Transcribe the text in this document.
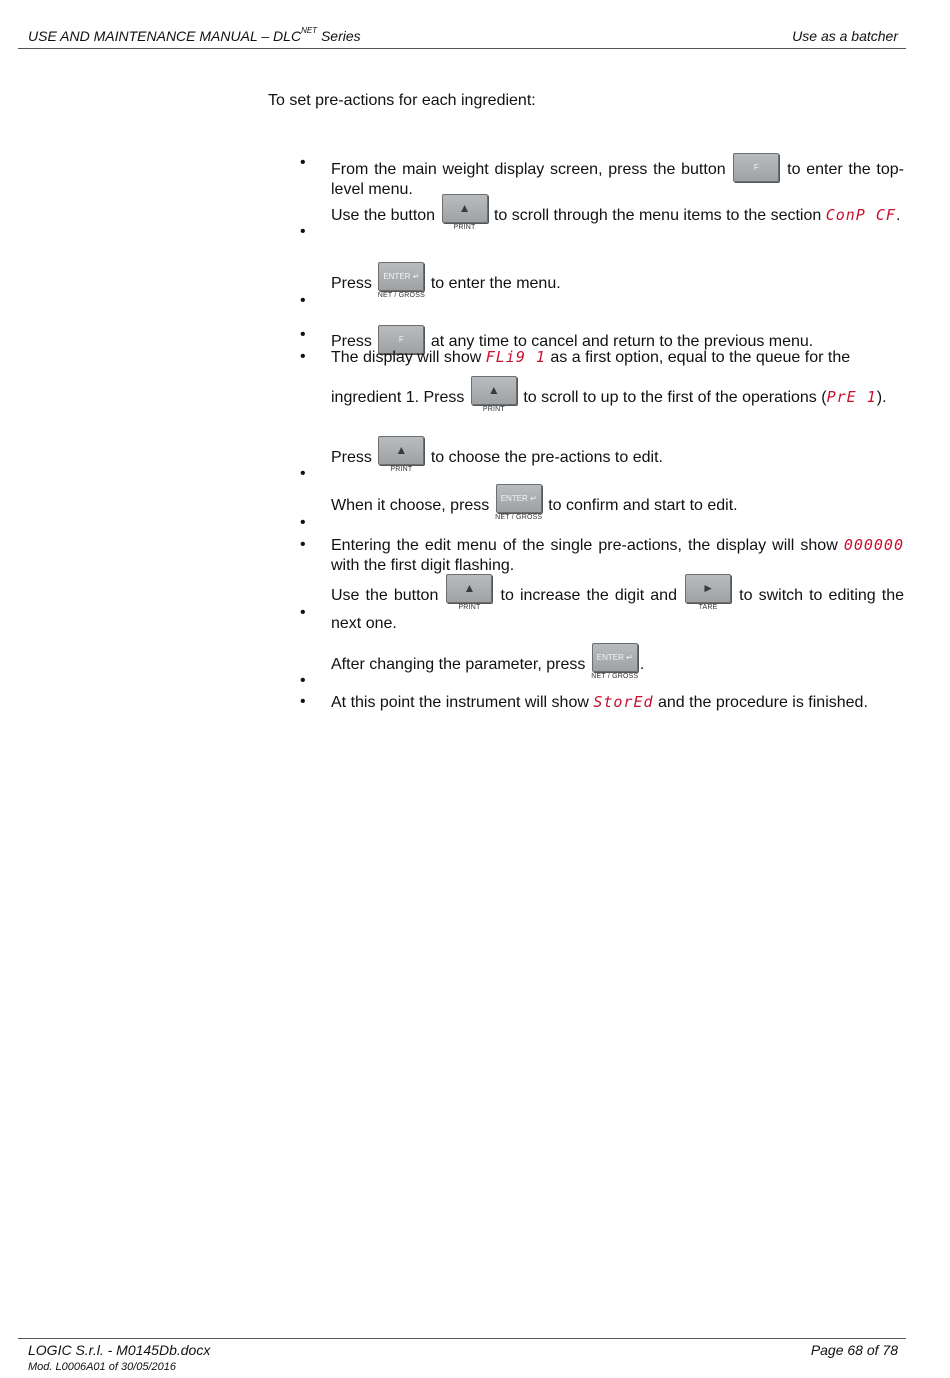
USE AND MAINTENANCE MANUAL – $DLC^{NET}$ Series	Use as a batcher
To set pre-actions for each ingredient:
• From the main weight display screen, press the button	F	to enter the top-level menu.
•
Use the button	▲
PRINT
to scroll through the menu items to the section ConP CF.
•
Press	ENTER ↵
NET / GROSS
to enter the menu.
• Press	F	at any time to cancel and return to the previous menu.
• The display will show FLi9 1 as a first option, equal to the queue for the
ingredient 1. Press	▲
PRINT
to scroll to up to the first of the operations (PrE 1).
•
Press	▲
PRINT
to choose the pre-actions to edit.
•
When it choose, press	ENTER ↵
NET / GROSS
to confirm and start to edit.
• Entering the edit menu of the single pre-actions, the display will show 000000 with the first digit flashing.
•
Use the button	▲
PRINT
to increase the digit and	►
TARE
to switch to editing the next one.
•
After changing the parameter, press	ENTER ↵
NET / GROSS
.
• At this point the instrument will show StorEd and the procedure is finished.
LOGIC S.r.l. - M0145Db.docx	Page 68 of 78
Mod. L0006A01 of 30/05/2016
